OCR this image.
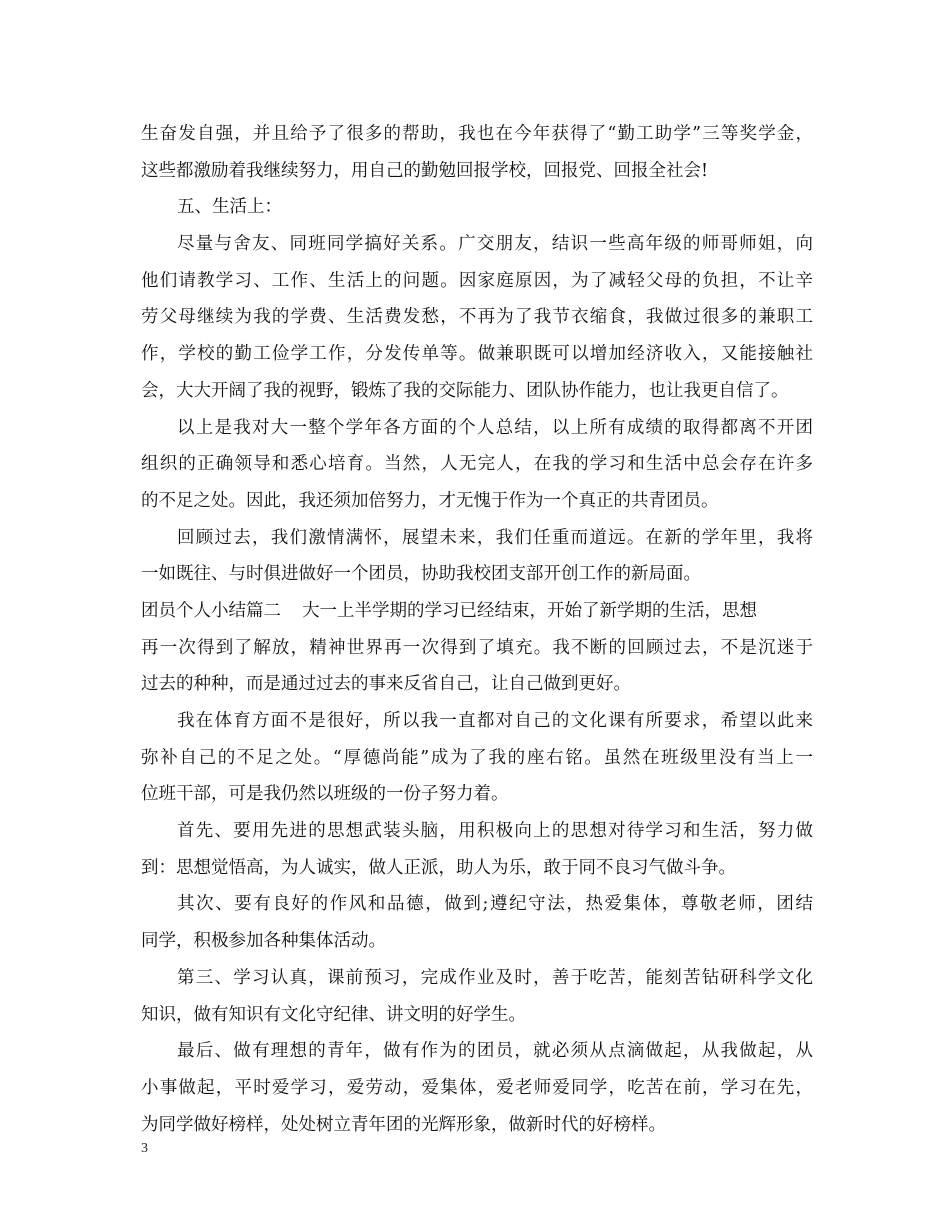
生奋发自强，并且给予了很多的帮助，我也在今年获得了“勤工助学”三等奖学金，
这些都激励着我继续努力，用自己的勤勉回报学校，回报党、回报全社会!
五、生活上：
尽量与舍友、同班同学搞好关系。广交朋友，结识一些高年级的师哥师姐，向
他们请教学习、工作、生活上的问题。因家庭原因，为了减轻父母的负担，不让辛
劳父母继续为我的学费、生活费发愁，不再为了我节衣缩食，我做过很多的兼职工
作，学校的勤工俭学工作，分发传单等。做兼职既可以增加经济收入，又能接触社
会，大大开阔了我的视野，锻炼了我的交际能力、团队协作能力，也让我更自信了。
以上是我对大一整个学年各方面的个人总结，以上所有成绩的取得都离不开团
组织的正确领导和悉心培育。当然，人无完人，在我的学习和生活中总会存在许多
的不足之处。因此，我还须加倍努力，才无愧于作为一个真正的共青团员。
回顾过去，我们激情满怀，展望未来，我们任重而道远。在新的学年里，我将
一如既往、与时俱进做好一个团员，协助我校团支部开创工作的新局面。
团员个人小结篇二 大一上半学期的学习已经结束，开始了新学期的生活，思想
再一次得到了解放，精神世界再一次得到了填充。我不断的回顾过去，不是沉迷于
过去的种种，而是通过过去的事来反省自己，让自己做到更好。
我在体育方面不是很好，所以我一直都对自己的文化课有所要求，希望以此来
弥补自己的不足之处。“厚德尚能”成为了我的座右铭。虽然在班级里没有当上一
位班干部，可是我仍然以班级的一份子努力着。
首先、要用先进的思想武装头脑，用积极向上的思想对待学习和生活，努力做
到：思想觉悟高，为人诚实，做人正派，助人为乐，敢于同不良习气做斗争。
其次、要有良好的作风和品德，做到;遵纪守法，热爱集体，尊敬老师，团结
同学，积极参加各种集体活动。
第三、学习认真，课前预习，完成作业及时，善于吃苦，能刻苦钻研科学文化
知识，做有知识有文化守纪律、讲文明的好学生。
最后、做有理想的青年，做有作为的团员，就必须从点滴做起，从我做起，从
小事做起，平时爱学习，爱劳动，爱集体，爱老师爱同学，吃苦在前，学习在先，
为同学做好榜样，处处树立青年团的光辉形象，做新时代的好榜样。
3
